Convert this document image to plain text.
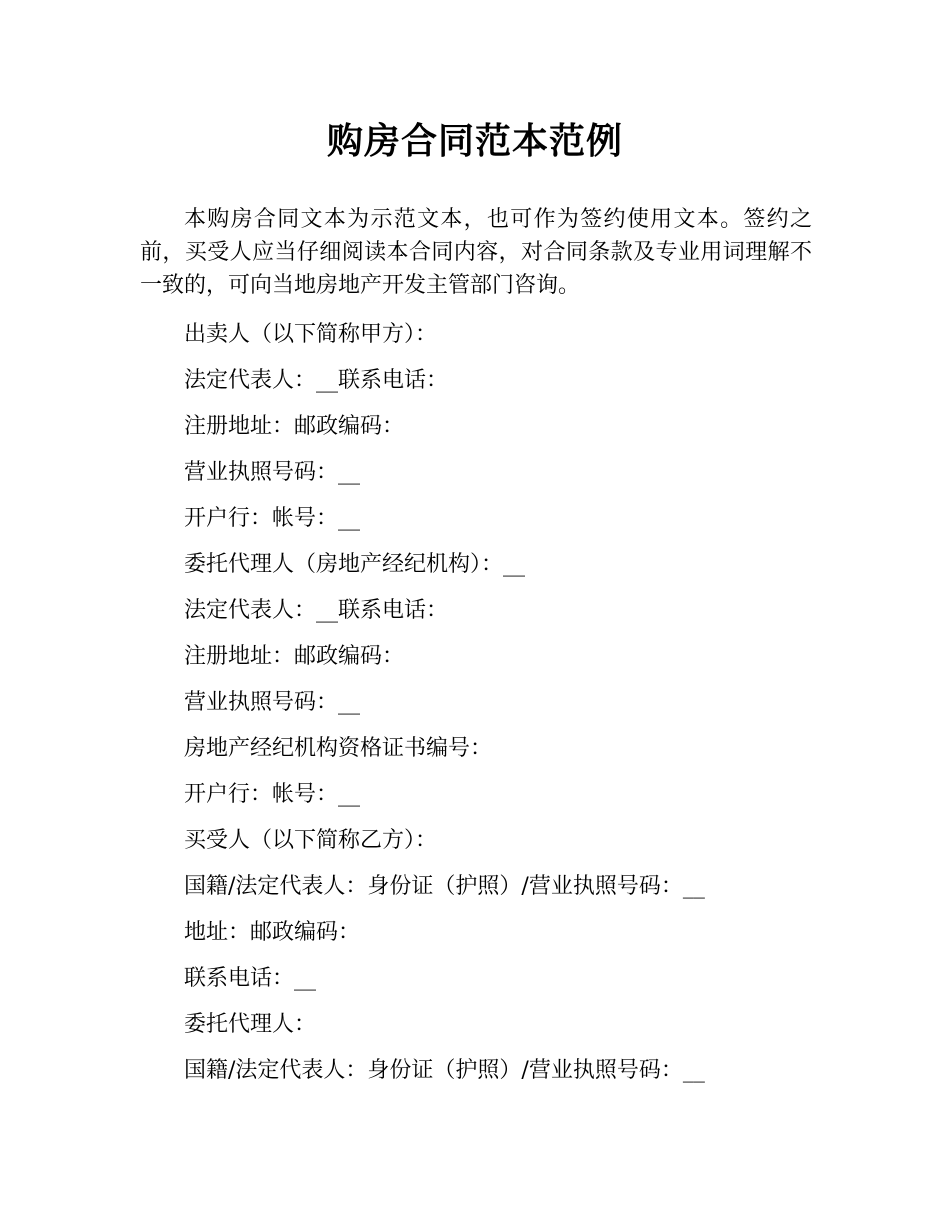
购房合同范本范例

本购房合同文本为示范文本，也可作为签约使用文本。签约之前，买受人应当仔细阅读本合同内容，对合同条款及专业用词理解不一致的，可向当地房地产开发主管部门咨询。

出卖人（以下简称甲方）：
法定代表人：__联系电话：
注册地址：邮政编码：
营业执照号码：__
开户行：帐号：__
委托代理人（房地产经纪机构）：__
法定代表人：__联系电话：
注册地址：邮政编码：
营业执照号码：__
房地产经纪机构资格证书编号：
开户行：帐号：__
买受人（以下简称乙方）：
国籍/法定代表人：身份证（护照）/营业执照号码：__
地址：邮政编码：
联系电话：__
委托代理人：
国籍/法定代表人：身份证（护照）/营业执照号码：__
